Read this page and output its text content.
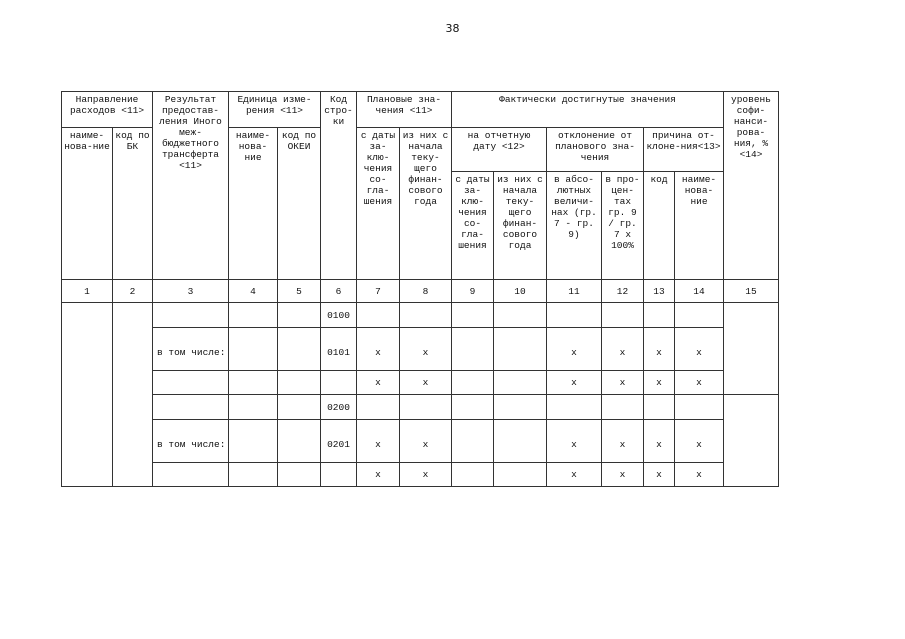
38
Направление расходов <11>		Результат предостав-ления Иного меж-бюджетного трансферта <11>	Единица изме-рения <11>		Код стро-ки	Плановые зна-чения <11>		Фактически достигнутые значения						уровень софи-нанси-рова-ния, % <14>
наиме-нова-ние	код по БК		наиме-нова-ние	код по ОКЕИ		с даты за-клю-чения со-гла-шения	из них с начала теку-щего финан-сового года	на отчетную дату <12>		отклонение от планового зна-чения		причина от-клоне-ния<13>		
								с даты за-клю-чения со-гла-шения	из них с начала теку-щего финан-сового года	в абсо-лютных величи-нах (гр. 7 - гр. 9)	в про-цен-тах гр. 9 / гр. 7 x 100%	код	наиме-нова-ние	
1	2	3	4	5	6	7	8	9	10	11	12	13	14	15
					0100									
		в том числе:			0101	x	x			x	x	x	x	
						x	x			x	x	x	x	
					0200									
		в том числе:			0201	x	x			x	x	x	x	
						x	x			x	x	x	x	
